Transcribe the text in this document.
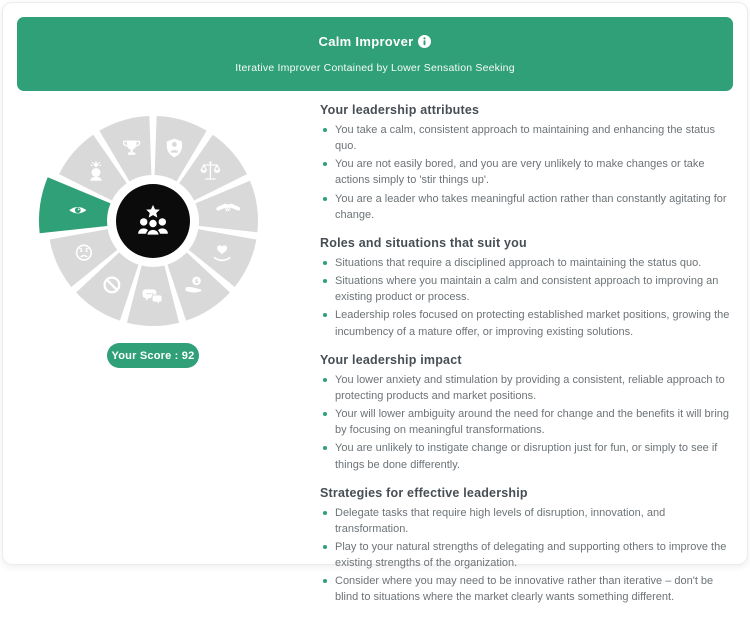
Calm Improver
Iterative Improver Contained by Lower Sensation Seeking
$
Your Score : 92
Your leadership attributes
You take a calm, consistent approach to maintaining and enhancing the status quo.
You are not easily bored, and you are very unlikely to make changes or take actions simply to 'stir things up'.
You are a leader who takes meaningful action rather than constantly agitating for change.
Roles and situations that suit you
Situations that require a disciplined approach to maintaining the status quo.
Situations where you maintain a calm and consistent approach to improving an existing product or process.
Leadership roles focused on protecting established market positions, growing the incumbency of a mature offer, or improving existing solutions.
Your leadership impact
You lower anxiety and stimulation by providing a consistent, reliable approach to protecting products and market positions.
Your will lower ambiguity around the need for change and the benefits it will bring by focusing on meaningful transformations.
You are unlikely to instigate change or disruption just for fun, or simply to see if things be done differently.
Strategies for effective leadership
Delegate tasks that require high levels of disruption, innovation, and transformation.
Play to your natural strengths of delegating and supporting others to improve the existing strengths of the organization.
Consider where you may need to be innovative rather than iterative – don't be blind to situations where the market clearly wants something different.
